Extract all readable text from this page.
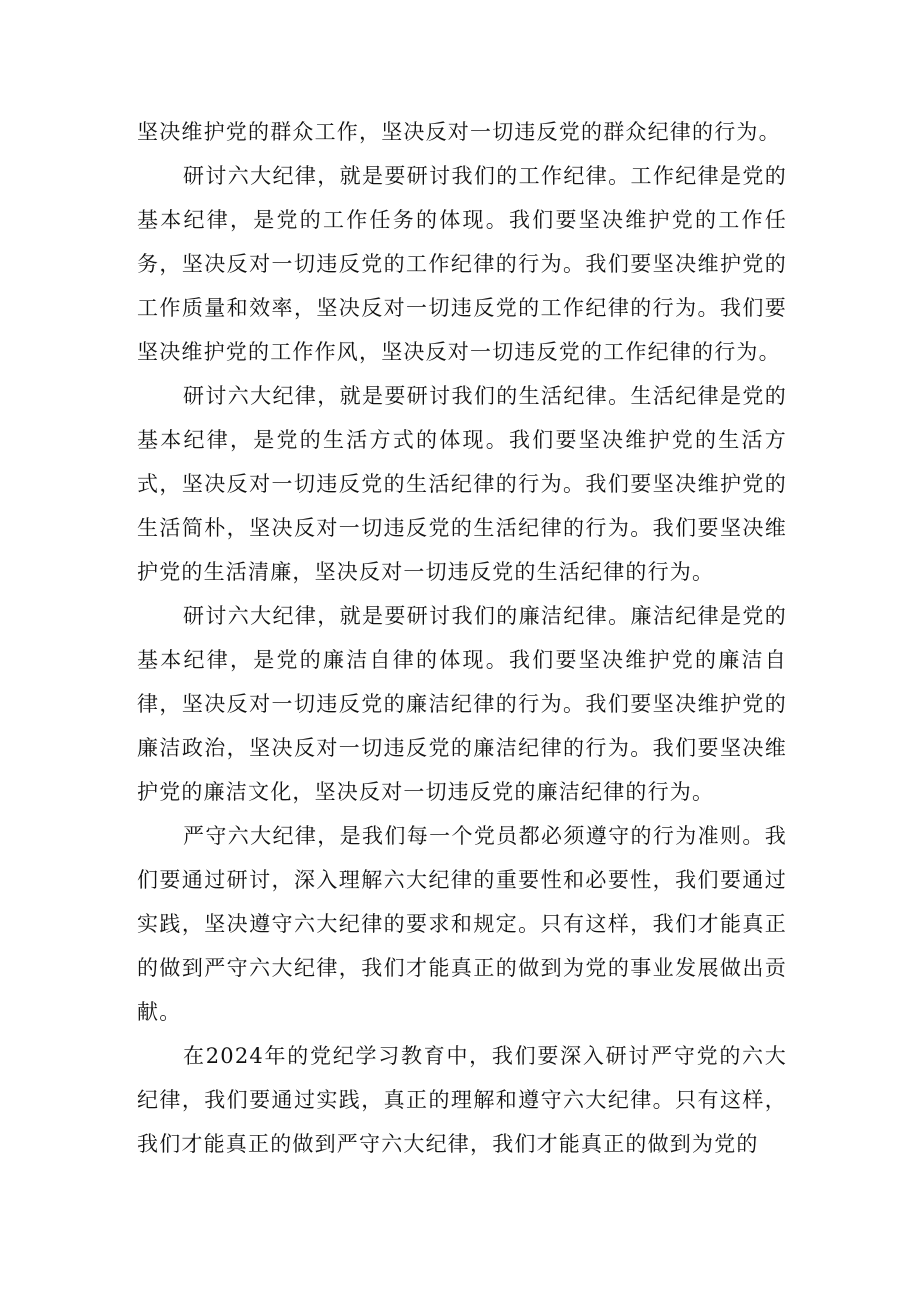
坚决维护党的群众工作，坚决反对一切违反党的群众纪律的行为。

研讨六大纪律，就是要研讨我们的工作纪律。工作纪律是党的基本纪律，是党的工作任务的体现。我们要坚决维护党的工作任务，坚决反对一切违反党的工作纪律的行为。我们要坚决维护党的工作质量和效率，坚决反对一切违反党的工作纪律的行为。我们要坚决维护党的工作作风，坚决反对一切违反党的工作纪律的行为。

研讨六大纪律，就是要研讨我们的生活纪律。生活纪律是党的基本纪律，是党的生活方式的体现。我们要坚决维护党的生活方式，坚决反对一切违反党的生活纪律的行为。我们要坚决维护党的生活简朴，坚决反对一切违反党的生活纪律的行为。我们要坚决维护党的生活清廉，坚决反对一切违反党的生活纪律的行为。

研讨六大纪律，就是要研讨我们的廉洁纪律。廉洁纪律是党的基本纪律，是党的廉洁自律的体现。我们要坚决维护党的廉洁自律，坚决反对一切违反党的廉洁纪律的行为。我们要坚决维护党的廉洁政治，坚决反对一切违反党的廉洁纪律的行为。我们要坚决维护党的廉洁文化，坚决反对一切违反党的廉洁纪律的行为。

严守六大纪律，是我们每一个党员都必须遵守的行为准则。我们要通过研讨，深入理解六大纪律的重要性和必要性，我们要通过实践，坚决遵守六大纪律的要求和规定。只有这样，我们才能真正的做到严守六大纪律，我们才能真正的做到为党的事业发展做出贡献。

在2024年的党纪学习教育中，我们要深入研讨严守党的六大纪律，我们要通过实践，真正的理解和遵守六大纪律。只有这样，我们才能真正的做到严守六大纪律，我们才能真正的做到为党的
